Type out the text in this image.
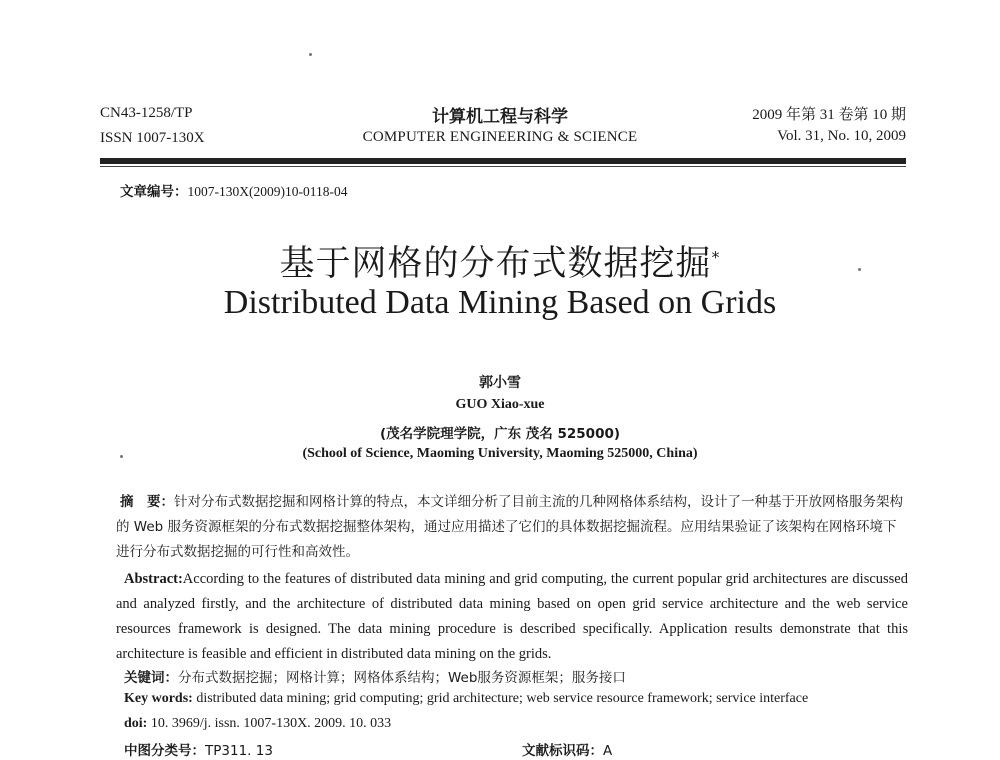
CN43-1258/TP
ISSN 1007-130X
计算机工程与科学
COMPUTER ENGINEERING & SCIENCE
2009 年第 31 卷第 10 期
Vol. 31, No. 10, 2009
文章编号：1007-130X(2009)10-0118-04
基于网格的分布式数据挖掘*
Distributed Data Mining Based on Grids
郭小雪
GUO Xiao-xue
(茂名学院理学院，广东 茂名 525000)
(School of Science, Maoming University, Maoming 525000, China)
摘　要：针对分布式数据挖掘和网格计算的特点，本文详细分析了目前主流的几种网格体系结构，设计了一种基于开放网格服务架构的 Web 服务资源框架的分布式数据挖掘整体架构，通过应用描述了它们的具体数据挖掘流程。应用结果验证了该架构在网格环境下进行分布式数据挖掘的可行性和高效性。
Abstract:According to the features of distributed data mining and grid computing, the current popular grid architectures are discussed and analyzed firstly, and the architecture of distributed data mining based on open grid service architecture and the web service resources framework is designed. The data mining procedure is described specifically. Application results demonstrate that this architecture is feasible and efficient in distributed data mining on the grids.
关键词：分布式数据挖掘；网格计算；网格体系结构；Web服务资源框架；服务接口
Key words: distributed data mining; grid computing; grid architecture; web service resource framework; service interface
doi: 10. 3969/j. issn. 1007-130X. 2009. 10. 033
中图分类号：TP311. 13	文献标识码：A
